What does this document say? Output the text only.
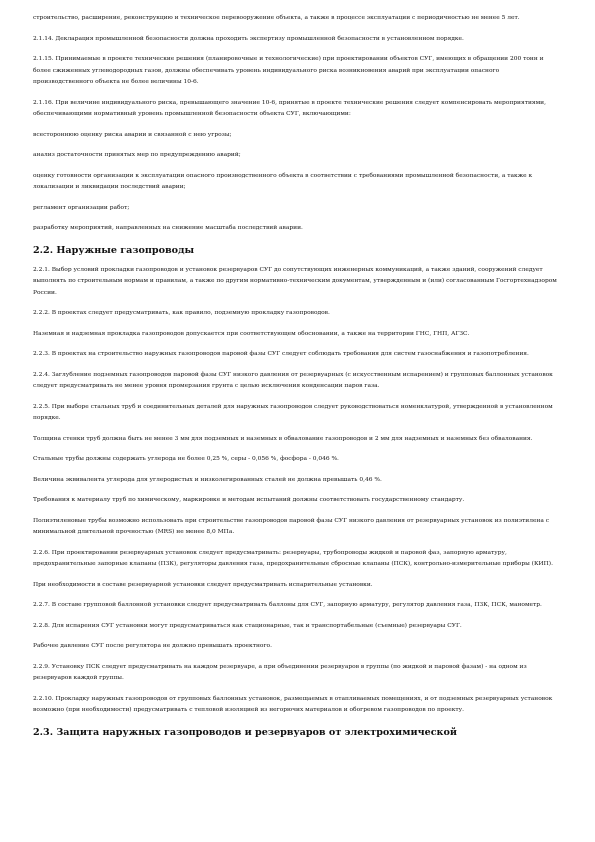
строительство, расширение, реконструкцию и техническое перевооружение объекта, а также в процессе эксплуатации с периодичностью не менее 5 лет.

2.1.14. Декларация промышленной безопасности должна проходить экспертизу промышленной безопасности в установленном порядке.

2.1.15. Принимаемые в проекте технические решения (планировочные и технологические) при проектировании объектов СУГ, имеющих в обращении 200 тонн и более сжиженных углеводородных газов, должны обеспечивать уровень индивидуального риска возникновения аварий при эксплуатации опасного производственного объекта не более величины 10-6.

2.1.16. При величине индивидуального риска, превышающего значение 10-6, принятые в проекте технические решения следует компенсировать мероприятиями, обеспечивающими нормативный уровень промышленной безопасности объекта СУГ, включающими:

всестороннюю оценку риска аварии и связанной с нею угрозы;

анализ достаточности принятых мер по предупреждению аварий;

оценку готовности организации к эксплуатации опасного производственного объекта в соответствии с требованиями промышленной безопасности, а также к локализации и ликвидации последствий аварии;

регламент организации работ;

разработку мероприятий, направленных на снижение масштаба последствий аварии.

2.2. Наружные газопроводы

2.2.1. Выбор условий прокладки газопроводов и установок резервуаров СУГ до сопутствующих инженерных коммуникаций, а также зданий, сооружений следует выполнять по строительным нормам и правилам, а также по другим нормативно-техническим документам, утвержденным и (или) согласованным Госгортехнадзором России.

2.2.2. В проектах следует предусматривать, как правило, подземную прокладку газопроводов.

Наземная и надземная прокладка газопроводов допускается при соответствующем обосновании, а также на территории ГНС, ГНП, АГЗС.

2.2.3. В проектах на строительство наружных газопроводов паровой фазы СУГ следует соблюдать требования для систем газоснабжения и газопотребления.

2.2.4. Заглубление подземных газопроводов паровой фазы СУГ низкого давления от резервуарных (с искусственным испарением) и групповых баллонных установок следует предусматривать не менее уровня промерзания грунта с целью исключения конденсации паров газа.

2.2.5. При выборе стальных труб и соединительных деталей для наружных газопроводов следует руководствоваться номенклатурой, утвержденной в установленном порядке.

Толщина стенки труб должна быть не менее 3 мм для подземных и наземных в обвалование газопроводов и 2 мм для надземных и наземных без обвалования.

Стальные трубы должны содержать углерода не более 0,25 %, серы - 0,056 %, фосфора - 0,046 %.

Величина эквивалента углерода для углеродистых и низколегированных сталей не должна превышать 0,46 %.

Требования к материалу труб по химическому, маркировке и методам испытаний должны соответствовать государственному стандарту.

Полиэтиленовые трубы возможно использовать при строительстве газопроводов паровой фазы СУГ низкого давления от резервуарных установок из полиэтилена с минимальной длительной прочностью (MRS) не менее 8,0 МПа.

2.2.6. При проектировании резервуарных установок следует предусматривать: резервуары, трубопроводы жидкой и паровой фаз, запорную арматуру, предохранительные запорные клапаны (ПЗК), регуляторы давления газа, предохранительные сбросные клапаны (ПСК), контрольно-измерительные приборы (КИП).

При необходимости в составе резервуарной установки следует предусматривать испарительные установки.

2.2.7. В составе групповой баллонной установки следует предусматривать баллоны для СУГ, запорную арматуру, регулятор давления газа, ПЗК, ПСК, манометр.

2.2.8. Для испарения СУГ установки могут предусматриваться как стационарные, так и транспортабельные (съемные) резервуары СУГ.

Рабочее давление СУГ после регулятора не должно превышать проектного.

2.2.9. Установку ПСК следует предусматривать на каждом резервуаре, а при объединении резервуаров в группы (по жидкой и паровой фазам) - на одном из резервуаров каждой группы.

2.2.10. Прокладку наружных газопроводов от групповых баллонных установок, размещаемых в отапливаемых помещениях, и от подземных резервуарных установок возможно (при необходимости) предусматривать с тепловой изоляцией из негорючих материалов и обогревом газопроводов по проекту.

2.3. Защита наружных газопроводов и резервуаров от электрохимической
